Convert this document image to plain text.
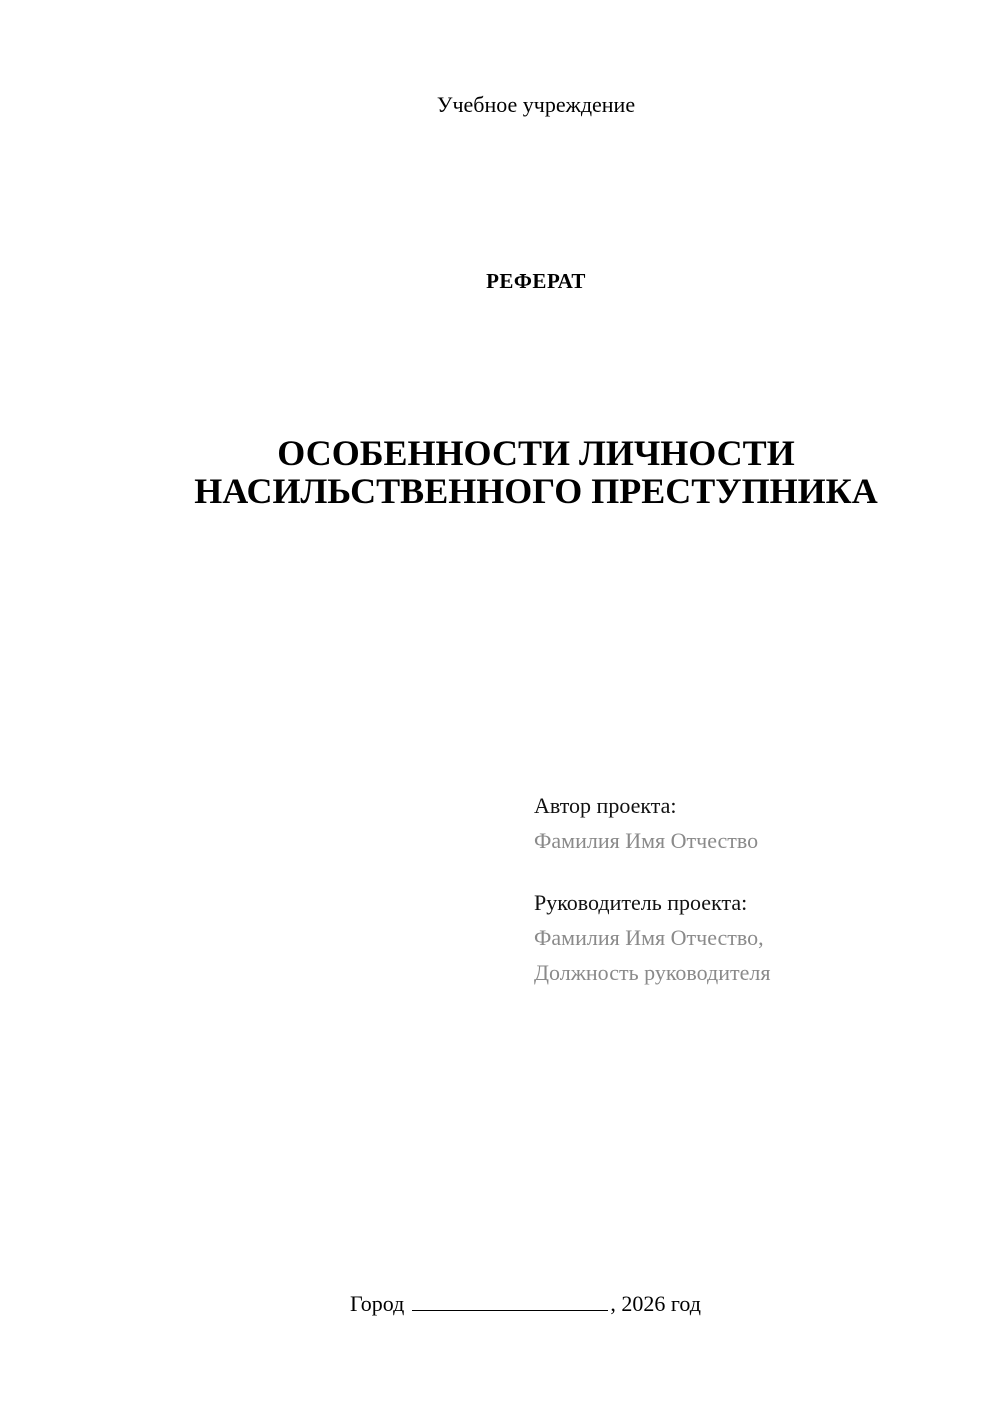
Учебное учреждение
РЕФЕРАТ
ОСОБЕННОСТИ ЛИЧНОСТИ
НАСИЛЬСТВЕННОГО ПРЕСТУПНИКА
Автор проекта:
Фамилия Имя Отчество
Руководитель проекта:
Фамилия Имя Отчество,
Должность руководителя
Город	, 2026 год
